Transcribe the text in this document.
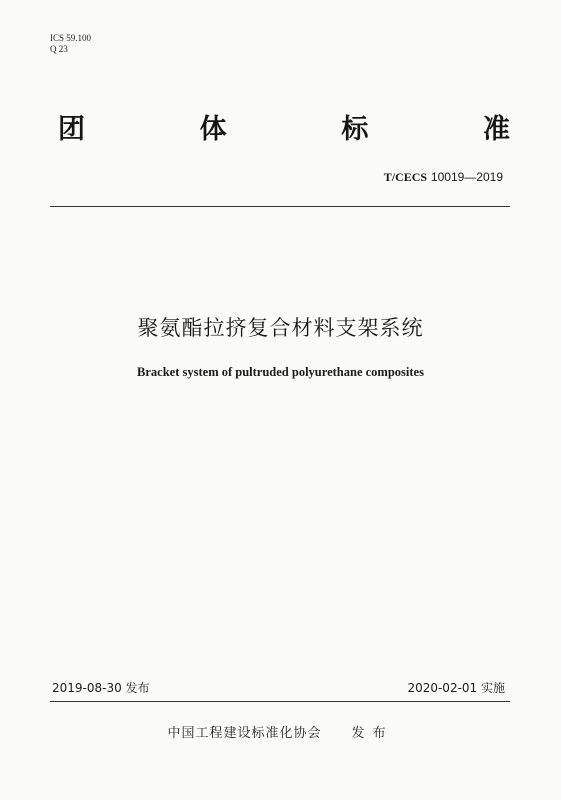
ICS 59.100
Q 23
团	体	标	准
T/CECS 10019—2019
聚氨酯拉挤复合材料支架系统
Bracket system of pultruded polyurethane composites
2019-08-30 发布	2020-02-01 实施
中国工程建设标准化协会 发布
